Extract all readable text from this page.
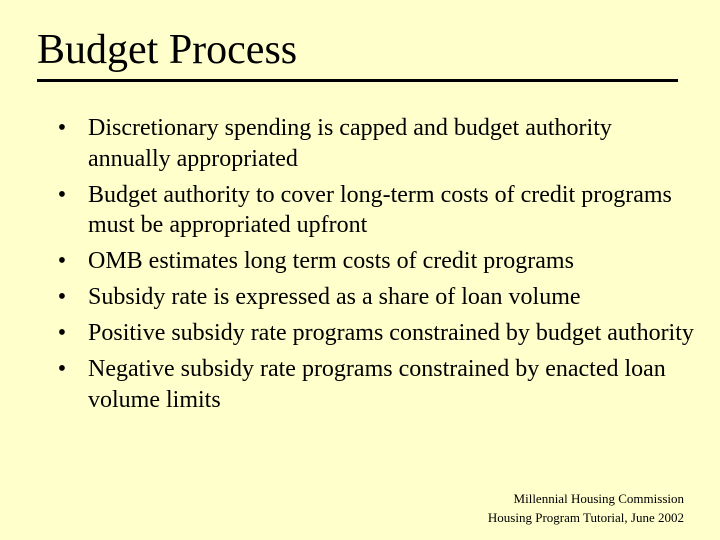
Budget Process
• Discretionary spending is capped and budget authority annually appropriated
• Budget authority to cover long-term costs of credit programs must be appropriated upfront
• OMB estimates long term costs of credit programs
• Subsidy rate is expressed as a share of loan volume
• Positive subsidy rate programs constrained by budget authority
• Negative subsidy rate programs constrained by enacted loan volume limits
Millennial Housing Commission
Housing Program Tutorial, June 2002
